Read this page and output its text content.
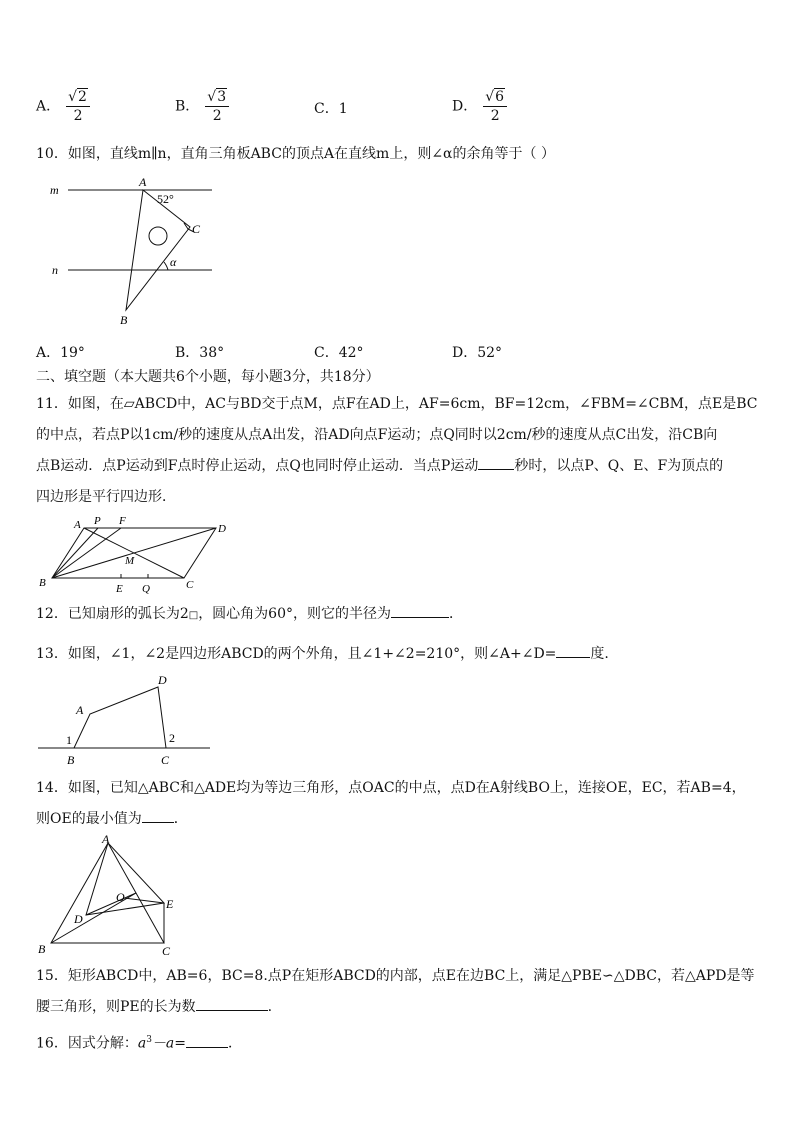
A． $\frac{√2}{2}$	B． $\frac{√3}{2}$	C．1	D． $\frac{√6}{2}$
10．如图，直线m∥n，直角三角板ABC的顶点A在直线m上，则∠α的余角等于（ ）
m
n
A
52°
C
α
B
A．19°	B．38°	C．42°	D．52°
二、填空题（本大题共6个小题，每小题3分，共18分）
11．如图，在▱ABCD中，AC与BD交于点M，点F在AD上，AF=6cm，BF=12cm，∠FBM=∠CBM，点E是BC
的中点，若点P以1cm/秒的速度从点A出发，沿AD向点F运动；点Q同时以2cm/秒的速度从点C出发，沿CB向
点B运动．点P运动到F点时停止运动，点Q也同时停止运动．当点P运动	秒时，以点P、Q、E、F为顶点的
四边形是平行四边形．
A P F
D
M
B	E Q	C
12．已知扇形的弧长为2□，圆心角为60°，则它的半径为	．
13．如图，∠1，∠2是四边形ABCD的两个外角，且∠1+∠2=210°，则∠A+∠D= 度.
A
D
1	2
B	C
14．如图，已知△ABC和△ADE均为等边三角形，点OAC的中点，点D在A射线BO上，连接OE，EC，若AB=4，
则OE的最小值为 ．
A
O	E
D
B	C
15．矩形ABCD中，AB=6，BC=8.点P在矩形ABCD的内部，点E在边BC上，满足△PBE∽△DBC，若△APD是等
腰三角形，则PE的长为数	.
16．因式分解：$a^3-a=$	．
